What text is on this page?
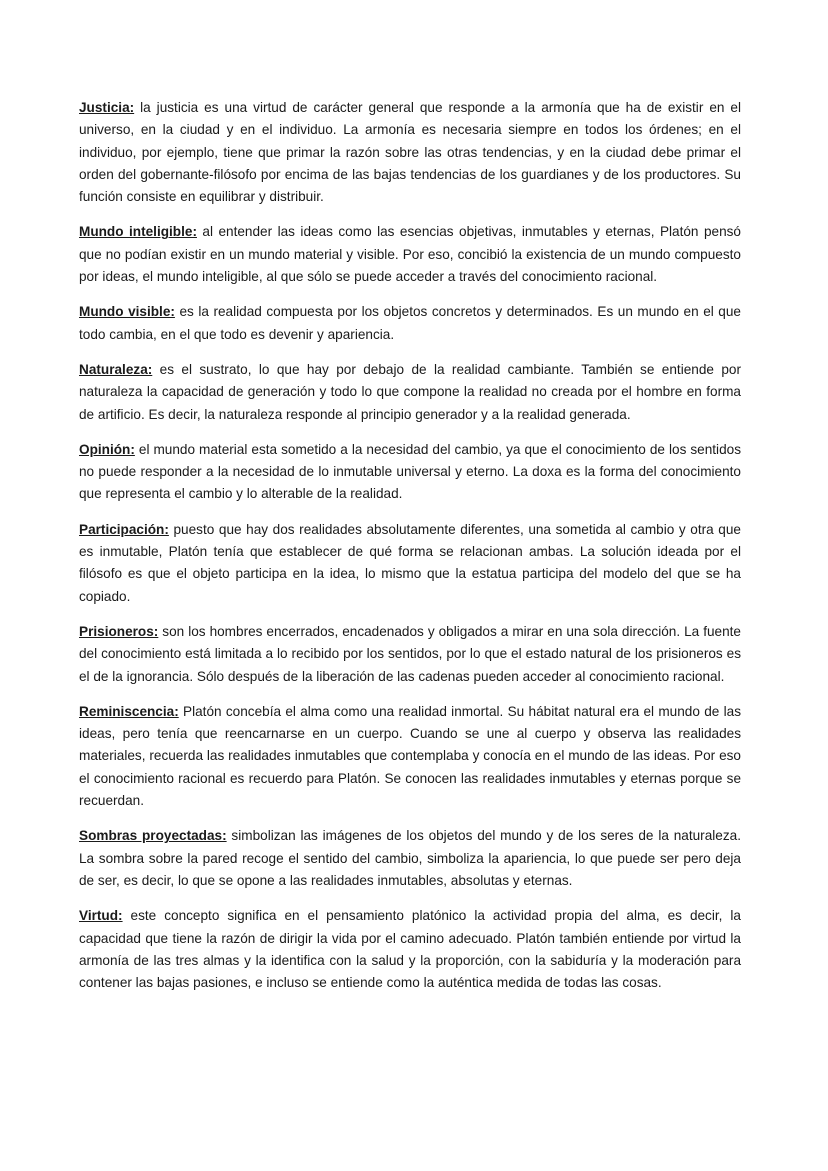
Justicia: la justicia es una virtud de carácter general que responde a la armonía que ha de existir en el universo, en la ciudad y en el individuo. La armonía es necesaria siempre en todos los órdenes; en el individuo, por ejemplo, tiene que primar la razón sobre las otras tendencias, y en la ciudad debe primar el orden del gobernante-filósofo por encima de las bajas tendencias de los guardianes y de los productores. Su función consiste en equilibrar y distribuir.

Mundo inteligible: al entender las ideas como las esencias objetivas, inmutables y eternas, Platón pensó que no podían existir en un mundo material y visible. Por eso, concibió la existencia de un mundo compuesto por ideas, el mundo inteligible, al que sólo se puede acceder a través del conocimiento racional.

Mundo visible: es la realidad compuesta por los objetos concretos y determinados. Es un mundo en el que todo cambia, en el que todo es devenir y apariencia.

Naturaleza: es el sustrato, lo que hay por debajo de la realidad cambiante. También se entiende por naturaleza la capacidad de generación y todo lo que compone la realidad no creada por el hombre en forma de artificio. Es decir, la naturaleza responde al principio generador y a la realidad generada.

Opinión: el mundo material esta sometido a la necesidad del cambio, ya que el conocimiento de los sentidos no puede responder a la necesidad de lo inmutable universal y eterno. La doxa es la forma del conocimiento que representa el cambio y lo alterable de la realidad.

Participación: puesto que hay dos realidades absolutamente diferentes, una sometida al cambio y otra que es inmutable, Platón tenía que establecer de qué forma se relacionan ambas. La solución ideada por el filósofo es que el objeto participa en la idea, lo mismo que la estatua participa del modelo del que se ha copiado.

Prisioneros: son los hombres encerrados, encadenados y obligados a mirar en una sola dirección. La fuente del conocimiento está limitada a lo recibido por los sentidos, por lo que el estado natural de los prisioneros es el de la ignorancia. Sólo después de la liberación de las cadenas pueden acceder al conocimiento racional.

Reminiscencia: Platón concebía el alma como una realidad inmortal. Su hábitat natural era el mundo de las ideas, pero tenía que reencarnarse en un cuerpo. Cuando se une al cuerpo y observa las realidades materiales, recuerda las realidades inmutables que contemplaba y conocía en el mundo de las ideas. Por eso el conocimiento racional es recuerdo para Platón. Se conocen las realidades inmutables y eternas porque se recuerdan.

Sombras proyectadas: simbolizan las imágenes de los objetos del mundo y de los seres de la naturaleza. La sombra sobre la pared recoge el sentido del cambio, simboliza la apariencia, lo que puede ser pero deja de ser, es decir, lo que se opone a las realidades inmutables, absolutas y eternas.

Virtud: este concepto significa en el pensamiento platónico la actividad propia del alma, es decir, la capacidad que tiene la razón de dirigir la vida por el camino adecuado. Platón también entiende por virtud la armonía de las tres almas y la identifica con la salud y la proporción, con la sabiduría y la moderación para contener las bajas pasiones, e incluso se entiende como la auténtica medida de todas las cosas.
